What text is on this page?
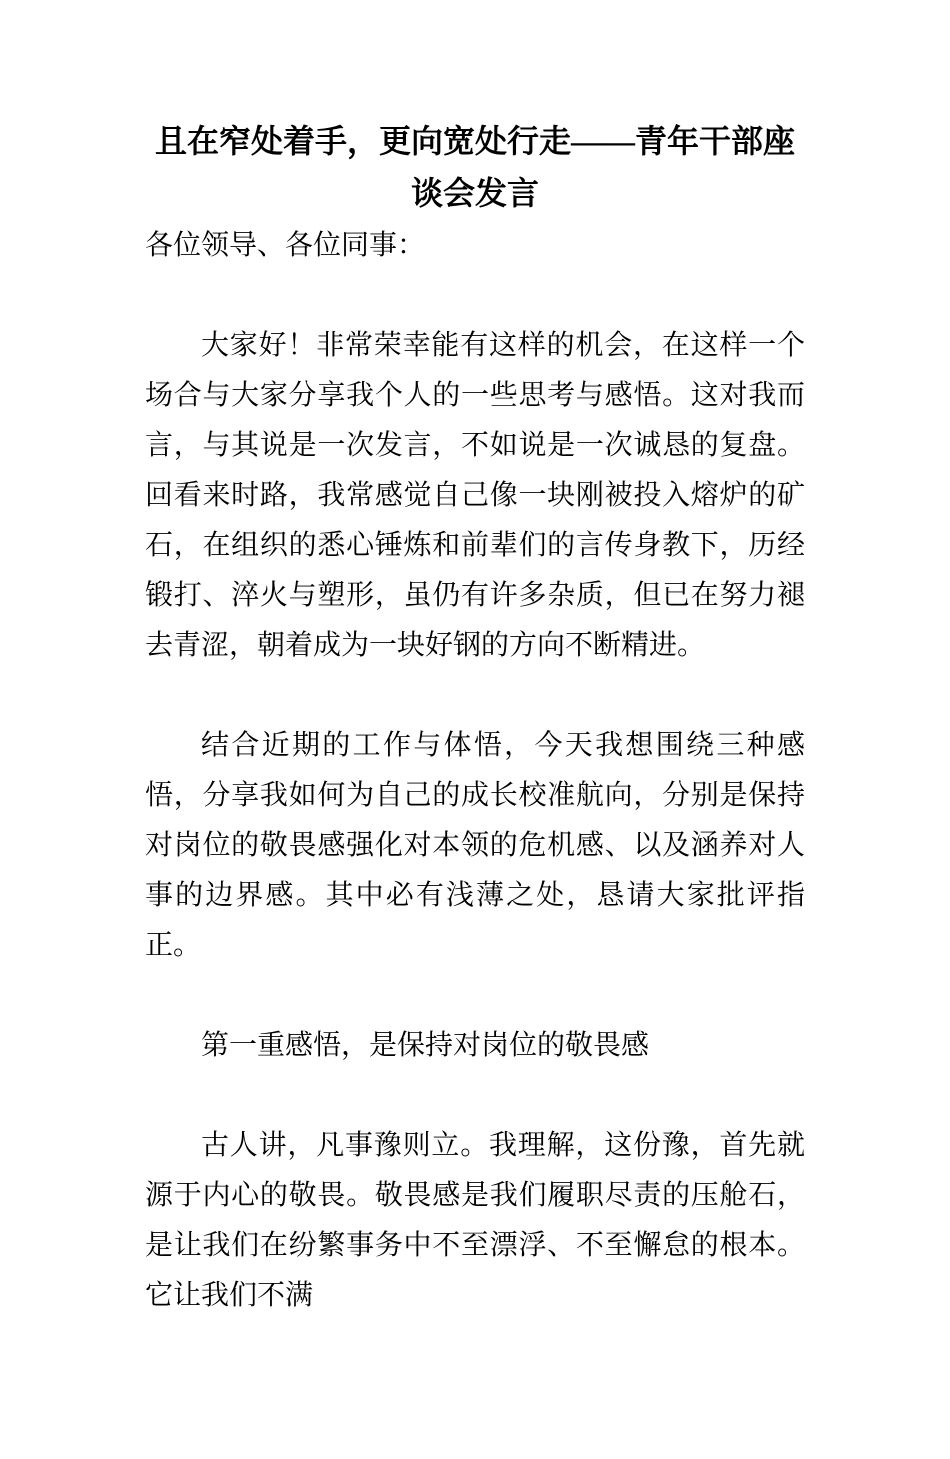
且在窄处着手，更向宽处行走——青年干部座谈会发言

各位领导、各位同事：

大家好！非常荣幸能有这样的机会，在这样一个场合与大家分享我个人的一些思考与感悟。这对我而言，与其说是一次发言，不如说是一次诚恳的复盘。回看来时路，我常感觉自己像一块刚被投入熔炉的矿石，在组织的悉心锤炼和前辈们的言传身教下，历经锻打、淬火与塑形，虽仍有许多杂质，但已在努力褪去青涩，朝着成为一块好钢的方向不断精进。

结合近期的工作与体悟，今天我想围绕三种感悟，分享我如何为自己的成长校准航向，分别是保持对岗位的敬畏感强化对本领的危机感、以及涵养对人事的边界感。其中必有浅薄之处，恳请大家批评指正。

第一重感悟，是保持对岗位的敬畏感

古人讲，凡事豫则立。我理解，这份豫，首先就源于内心的敬畏。敬畏感是我们履职尽责的压舱石，是让我们在纷繁事务中不至漂浮、不至懈怠的根本。它让我们不满
